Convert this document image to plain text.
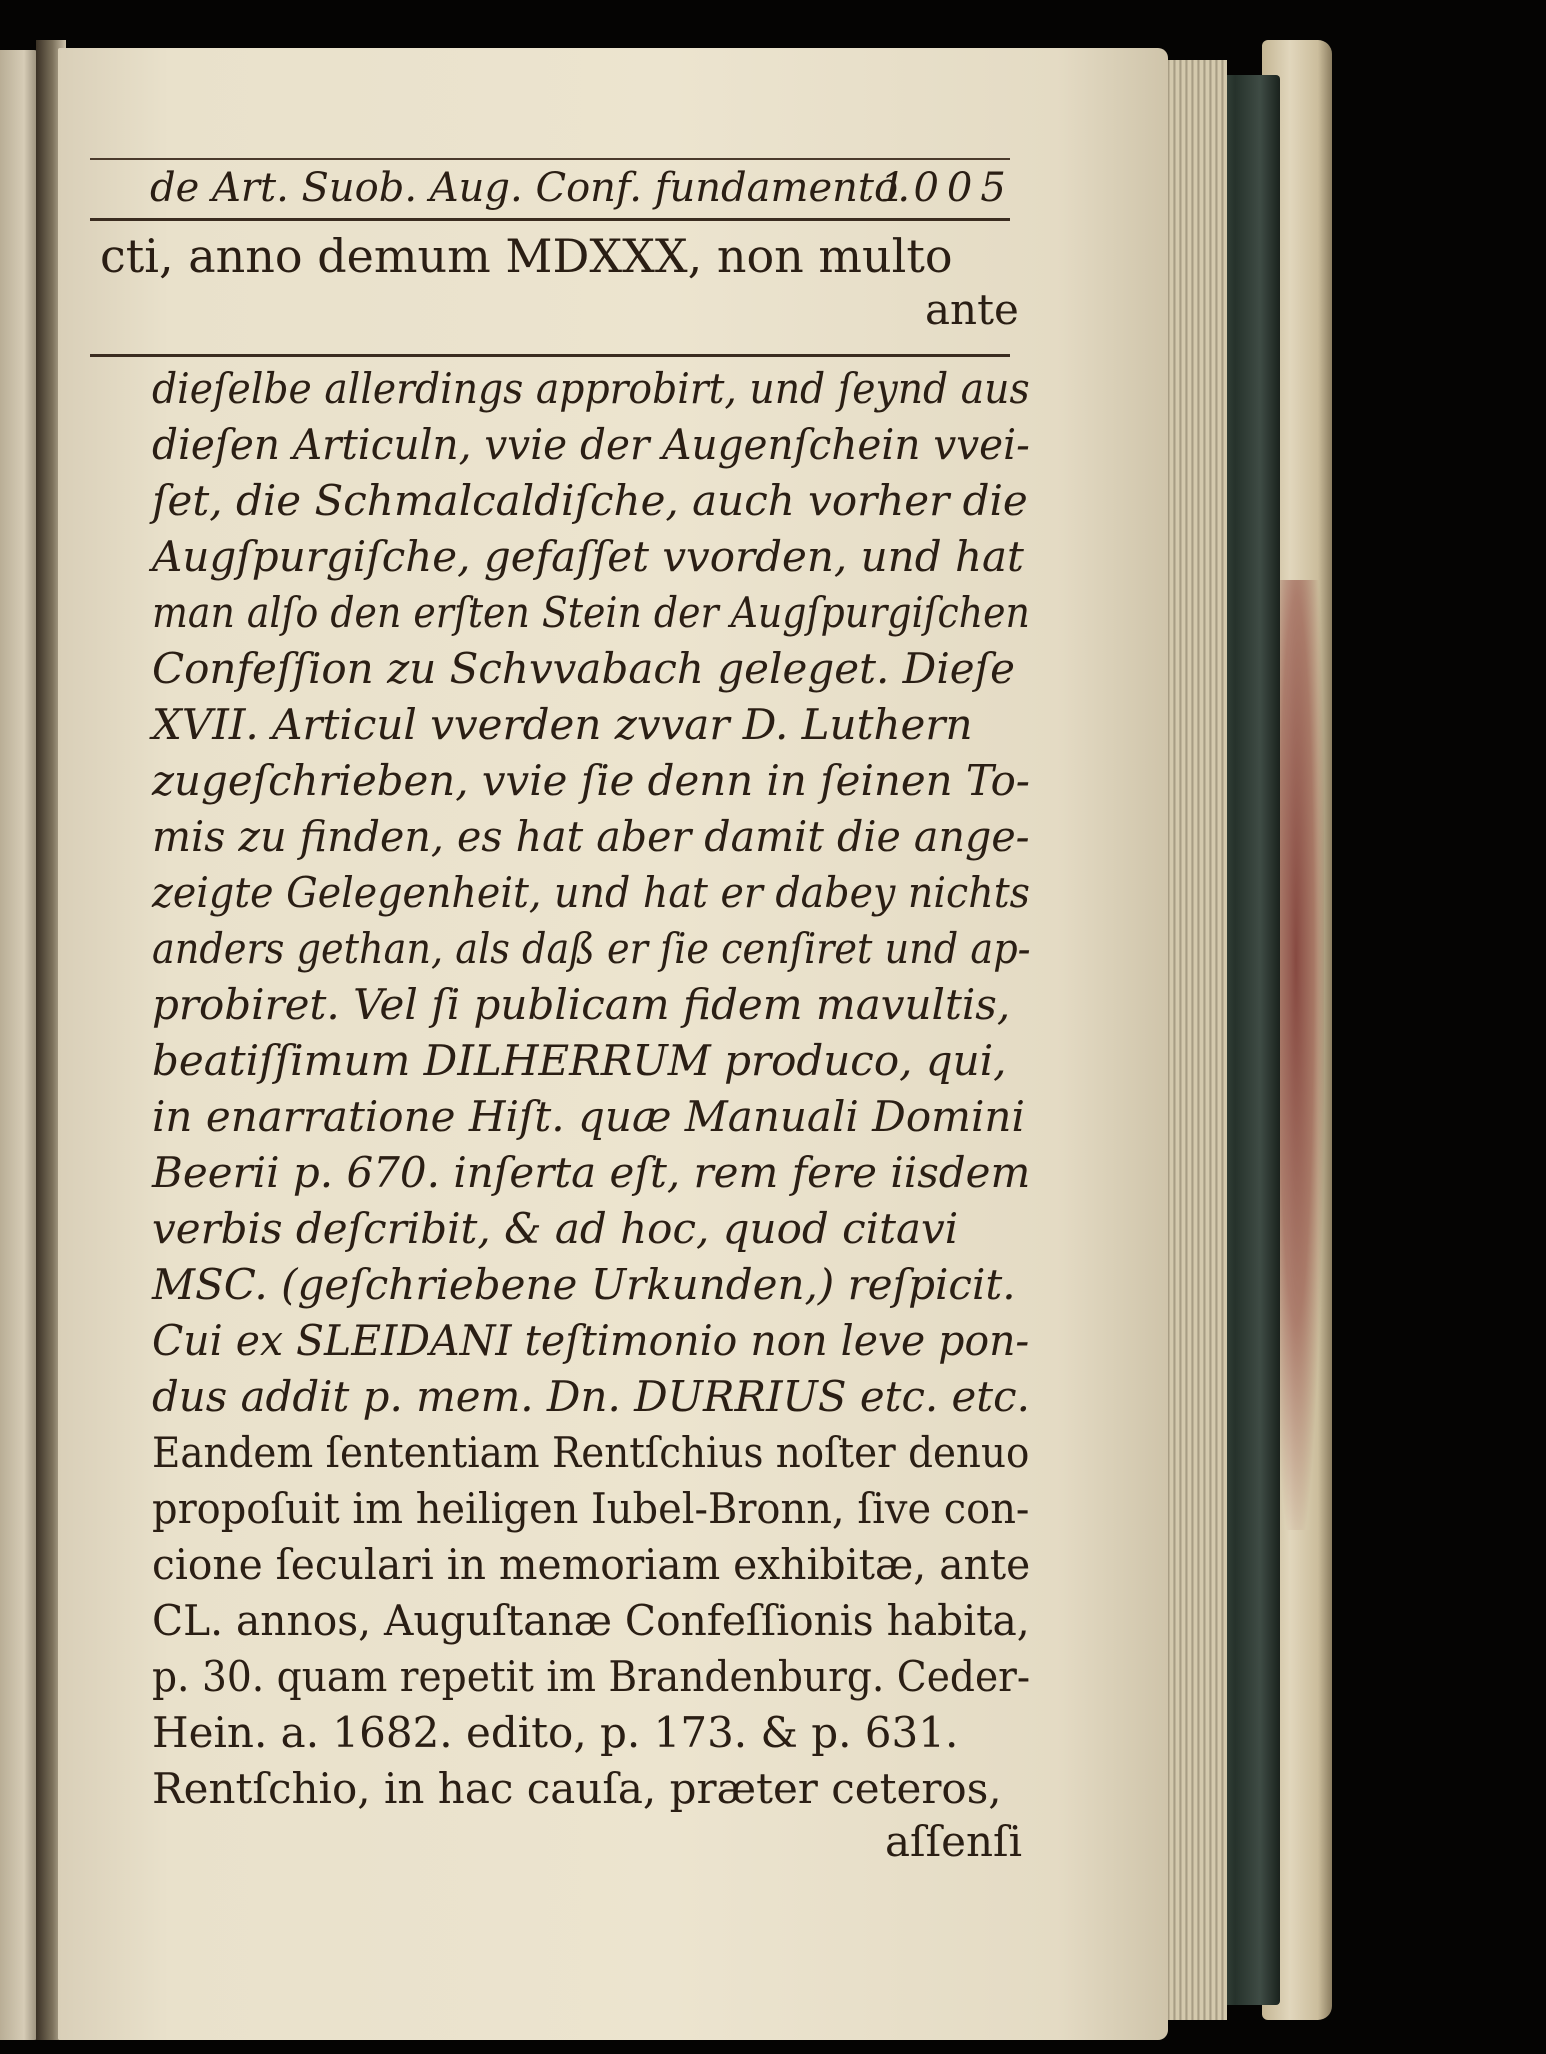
de Art. Suob. Aug. Conf. fundamento.
1005
cti, anno demum MDXXX, non multo
ante
dieſelbe allerdings approbirt, und ſeynd aus
dieſen Articuln, vvie der Augenſchein vvei-
ſet, die Schmalcaldiſche, auch vorher die
Augſpurgiſche, gefaſſet vvorden, und hat
man alſo den erſten Stein der Augſpurgiſchen
Confeſſion zu Schvvabach geleget. Dieſe
XVII. Articul vverden zvvar D. Luthern
zugeſchrieben, vvie ſie denn in ſeinen To-
mis zu finden, es hat aber damit die ange-
zeigte Gelegenheit, und hat er dabey nichts
anders gethan, als daß er ſie cenſiret und ap-
probiret. Vel ſi publicam fidem mavultis,
beatiſſimum DILHERRUM produco, qui,
in enarratione Hiſt. quæ Manuali Domini
Beerii p. 670. inſerta eſt, rem fere iisdem
verbis deſcribit, & ad hoc, quod citavi
MSC. (geſchriebene Urkunden,) reſpicit.
Cui ex SLEIDANI teſtimonio non leve pon-
dus addit p. mem. Dn. DURRIUS etc. etc.
Eandem ſententiam Rentſchius noſter denuo
propoſuit im heiligen Iubel-Bronn, ſive con-
cione ſeculari in memoriam exhibitæ, ante
CL. annos, Auguſtanæ Confeſſionis habita,
p. 30. quam repetit im Brandenburg. Ceder-
Hein. a. 1682. edito, p. 173. & p. 631.
Rentſchio, in hac cauſa, præter ceteros,
aſſenſi
